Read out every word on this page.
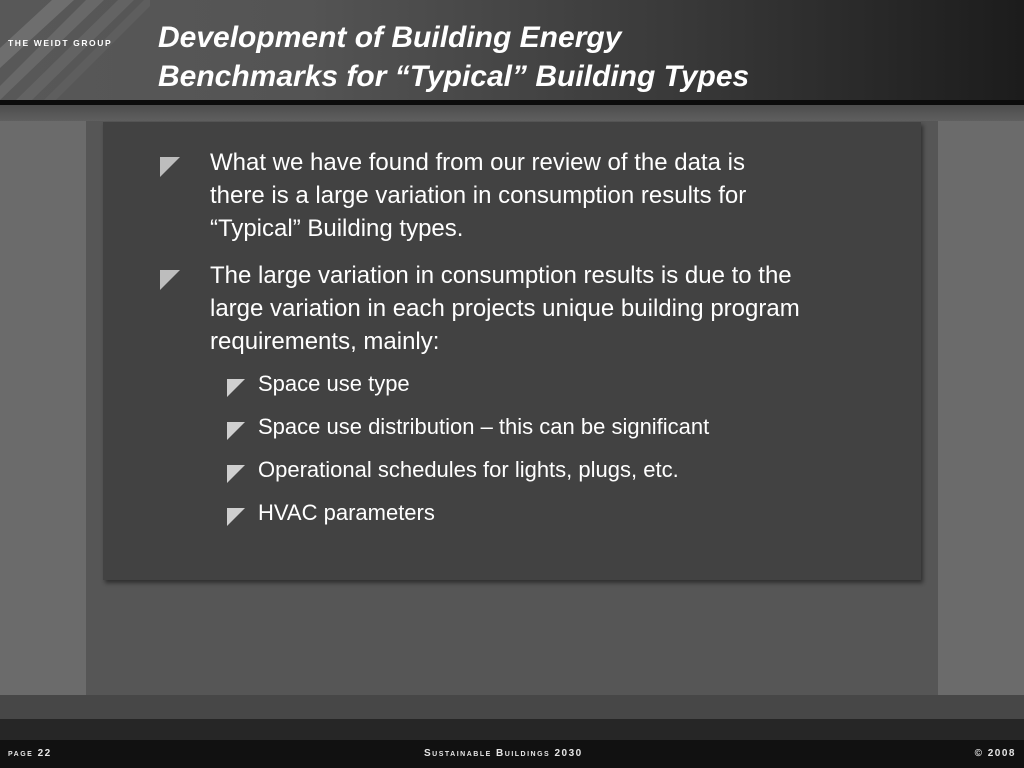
THE WEIDT GROUP Development of Building Energy
Benchmarks for “Typical” Building Types
What we have found from our review of the data is
there is a large variation in consumption results for
“Typical” Building types.
The large variation in consumption results is due to the
large variation in each projects unique building program
requirements, mainly:
Space use type
Space use distribution – this can be significant
Operational schedules for lights, plugs, etc.
HVAC parameters
page 22	Sustainable Buildings 2030	© 2008
